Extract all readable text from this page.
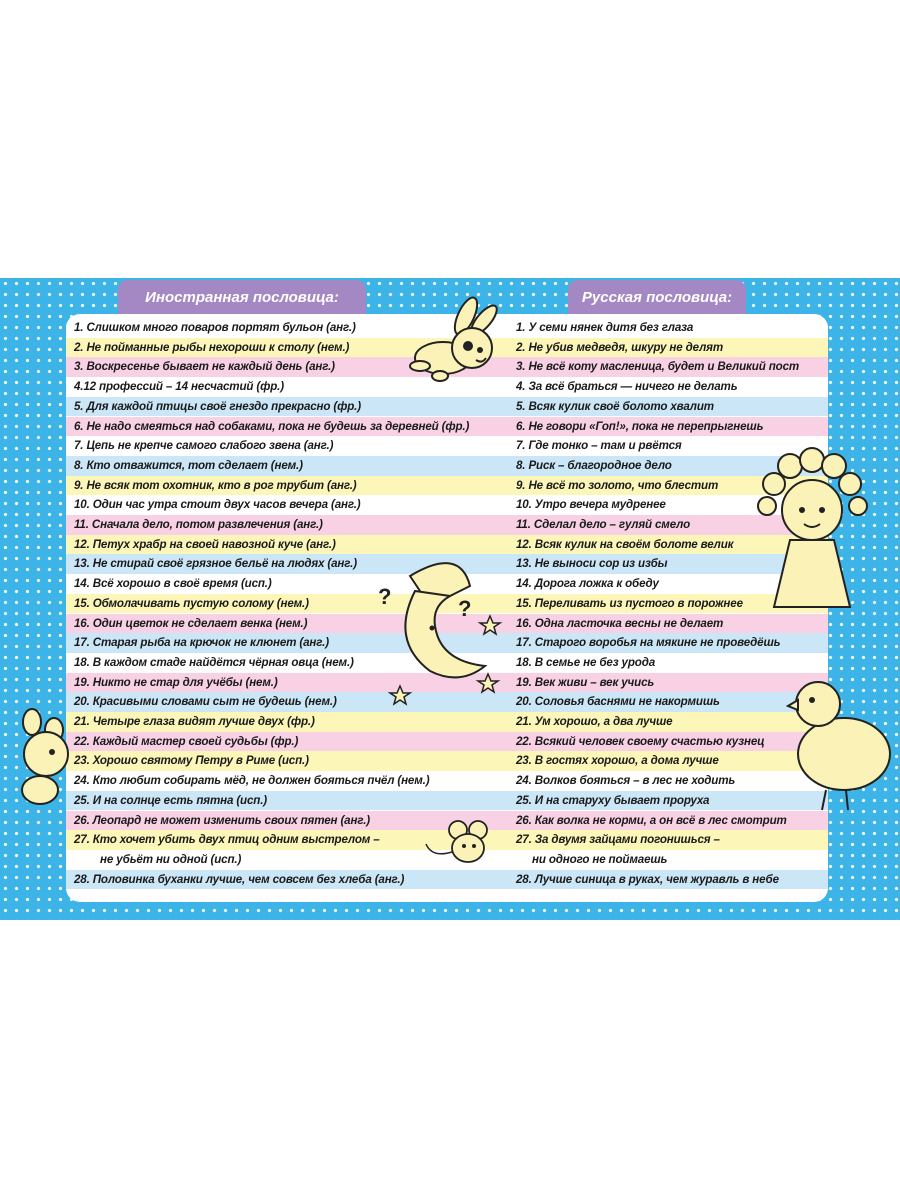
Иностранная пословица:	Русская пословица:
1. Слишком много поваров портят бульон (анг.)
2. Не пойманные рыбы нехороши к столу (нем.)
3. Воскресенье бывает не каждый день (анг.)
4.12 профессий – 14 несчастий (фр.)
5. Для каждой птицы своё гнездо прекрасно (фр.)
6. Не надо смеяться над собаками, пока не будешь за деревней (фр.)
7. Цепь не крепче самого слабого звена (анг.)
8. Кто отважится, тот сделает (нем.)
9. Не всяк тот охотник, кто в рог трубит (анг.)
10. Один час утра стоит двух часов вечера (анг.)
11. Сначала дело, потом развлечения (анг.)
12. Петух храбр на своей навозной куче (анг.)
13. Не стирай своё грязное бельё на людях (анг.)
14. Всё хорошо в своё время (исп.)
15. Обмолачивать пустую солому (нем.)
16. Один цветок не сделает венка (нем.)
17. Старая рыба на крючок не клюнет (анг.)
18. В каждом стаде найдётся чёрная овца (нем.)
19. Никто не стар для учёбы (нем.)
20. Красивыми словами сыт не будешь (нем.)
21. Четыре глаза видят лучше двух (фр.)
22. Каждый мастер своей судьбы (фр.)
23. Хорошо святому Петру в Риме (исп.)
24. Кто любит собирать мёд, не должен бояться пчёл (нем.)
25. И на солнце есть пятна (исп.)
26. Леопард не может изменить своих пятен (анг.)
27. Кто хочет убить двух птиц одним выстрелом –
не убьёт ни одной (исп.)
28. Половинка буханки лучше, чем совсем без хлеба (анг.)
1. У семи нянек дитя без глаза
2. Не убив медведя, шкуру не делят
3. Не всё коту масленица, будет и Великий пост
4. За всё браться — ничего не делать
5. Всяк кулик своё болото хвалит
6. Не говори «Гоп!», пока не перепрыгнешь
7. Где тонко – там и рвётся
8. Риск – благородное дело
9. Не всё то золото, что блестит
10. Утро вечера мудренее
11. Сделал дело – гуляй смело
12. Всяк кулик на своём болоте велик
13. Не выноси сор из избы
14. Дорога ложка к обеду
15. Переливать из пустого в порожнее
16. Одна ласточка весны не делает
17. Старого воробья на мякине не проведёшь
18. В семье не без урода
19. Век живи – век учись
20. Соловья баснями не накормишь
21. Ум хорошо, а два лучше
22. Всякий человек своему счастью кузнец
23. В гостях хорошо, а дома лучше
24. Волков бояться – в лес не ходить
25. И на старуху бывает проруха
26. Как волка не корми, а он всё в лес смотрит
27. За двумя зайцами погонишься –
ни одного не поймаешь
28. Лучше синица в руках, чем журавль в небе
?	?
